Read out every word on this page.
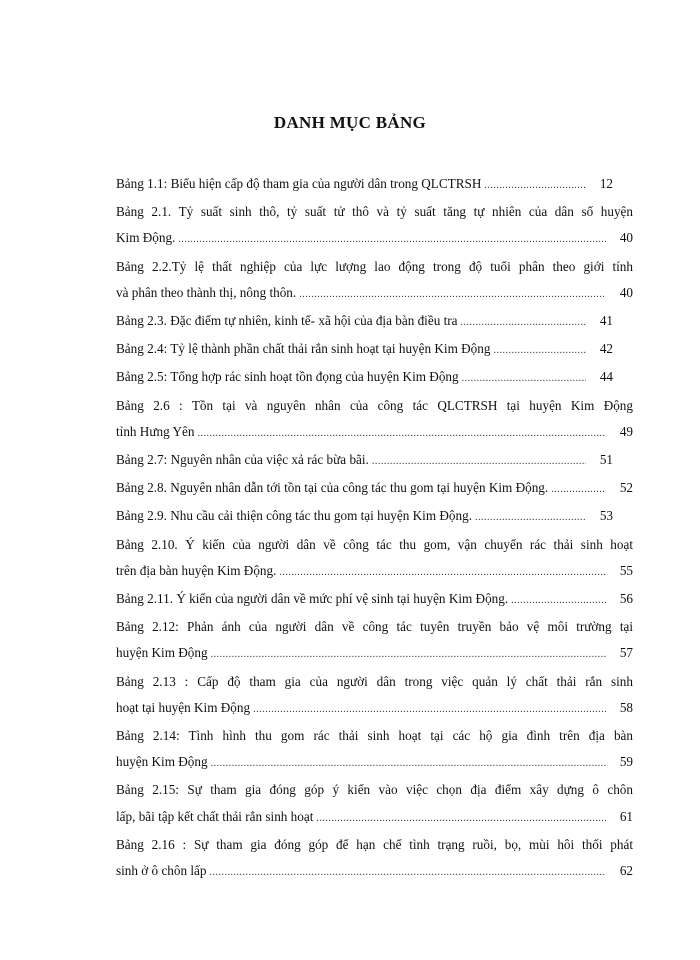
DANH MỤC BẢNG
Bảng 1.1: Biểu hiện cấp độ tham gia của người dân trong QLCTRSH .....	12
Bảng 2.1. Tỷ suất sinh thô, tỷ suất tử thô và tỷ suất tăng tự nhiên của dân số huyện
Kim Động. .....	40
Bảng 2.2.Tỷ lệ thất nghiệp của lực lượng lao động trong độ tuổi phân theo giới tính
và phân theo thành thị, nông thôn. .....	40
Bảng 2.3. Đặc điểm tự nhiên, kinh tế- xã hội của địa bàn điều tra .....	41
Bảng 2.4: Tỷ lệ thành phần chất thải rắn sinh hoạt tại huyện Kim Động .....	42
Bảng 2.5: Tổng hợp rác sinh hoạt tồn đọng của huyện Kim Động .....	44
Bảng 2.6 : Tồn tại và nguyên nhân của công tác QLCTRSH tại huyện Kim Động
tỉnh Hưng Yên .....	49
Bảng 2.7: Nguyên nhân của việc xả rác bừa bãi. .....	51
Bảng 2.8. Nguyên nhân dẫn tới tồn tại của công tác thu gom tại huyện Kim Động. .....	52
Bảng 2.9. Nhu cầu cải thiện công tác thu gom tại huyện Kim Động. .....	53
Bảng 2.10. Ý kiến của người dân về công tác thu gom, vận chuyển rác thải sinh hoạt
trên địa bàn huyện Kim Động. .....	55
Bảng 2.11. Ý kiến của người dân về mức phí vệ sinh tại huyện Kim Động. .....	56
Bảng 2.12: Phản ánh của người dân về công tác tuyên truyền bảo vệ môi trường tại
huyện Kim Động .....	57
Bảng 2.13 : Cấp độ tham gia của người dân trong việc quản lý chất thải rắn sinh
hoạt tại huyện Kim Động .....	58
Bảng 2.14: Tình hình thu gom rác thải sinh hoạt tại các hộ gia đình trên địa bàn
huyện Kim Động .....	59
Bảng 2.15: Sự tham gia đóng góp ý kiến vào việc chọn địa điểm xây dựng ô chôn
lấp, bãi tập kết chất thải rắn sinh hoạt .....	61
Bảng 2.16 : Sự tham gia đóng góp để hạn chế tình trạng ruồi, bọ, mùi hôi thối phát
sinh ở ô chôn lấp .....	62
